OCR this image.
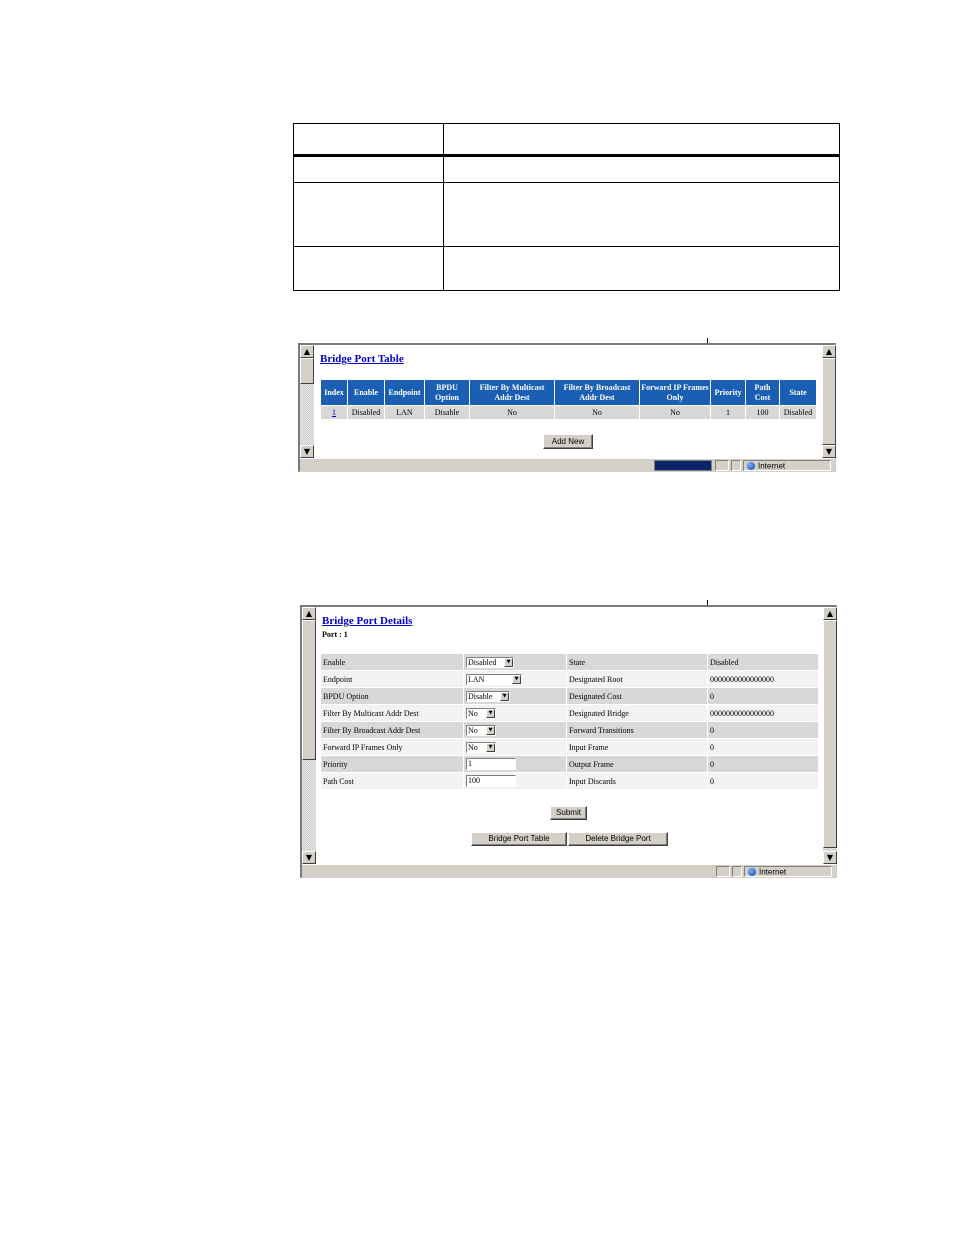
▲
▼
▲
▼
Internet
Bridge Port Table
Index	Enable	Endpoint	BPDU Option	Filter By Multicast Addr Dest	Filter By Broadcast Addr Dest	Forward IP Frames Only	Priority	Path Cost	State
1	Disabled	LAN	Disable	No	No	No	1	100	Disabled
Add New
▲
▼
▲
▼
Internet
Bridge Port Details
Port : 1
Enable	Disabled ▼	State	Disabled
Endpoint	LAN ▼	Designated Root	0000000000000000
BPDU Option	Disable ▼	Designated Cost	0
Filter By Multicast Addr Dest	No ▼	Designated Bridge	0000000000000000
Filter By Broadcast Addr Dest	No ▼	Forward Transitions	0
Forward IP Frames Only	No ▼	Input Frame	0
Priority	1	Output Frame	0
Path Cost	100	Input Discards	0
Submit
Bridge Port Table	Delete Bridge Port
